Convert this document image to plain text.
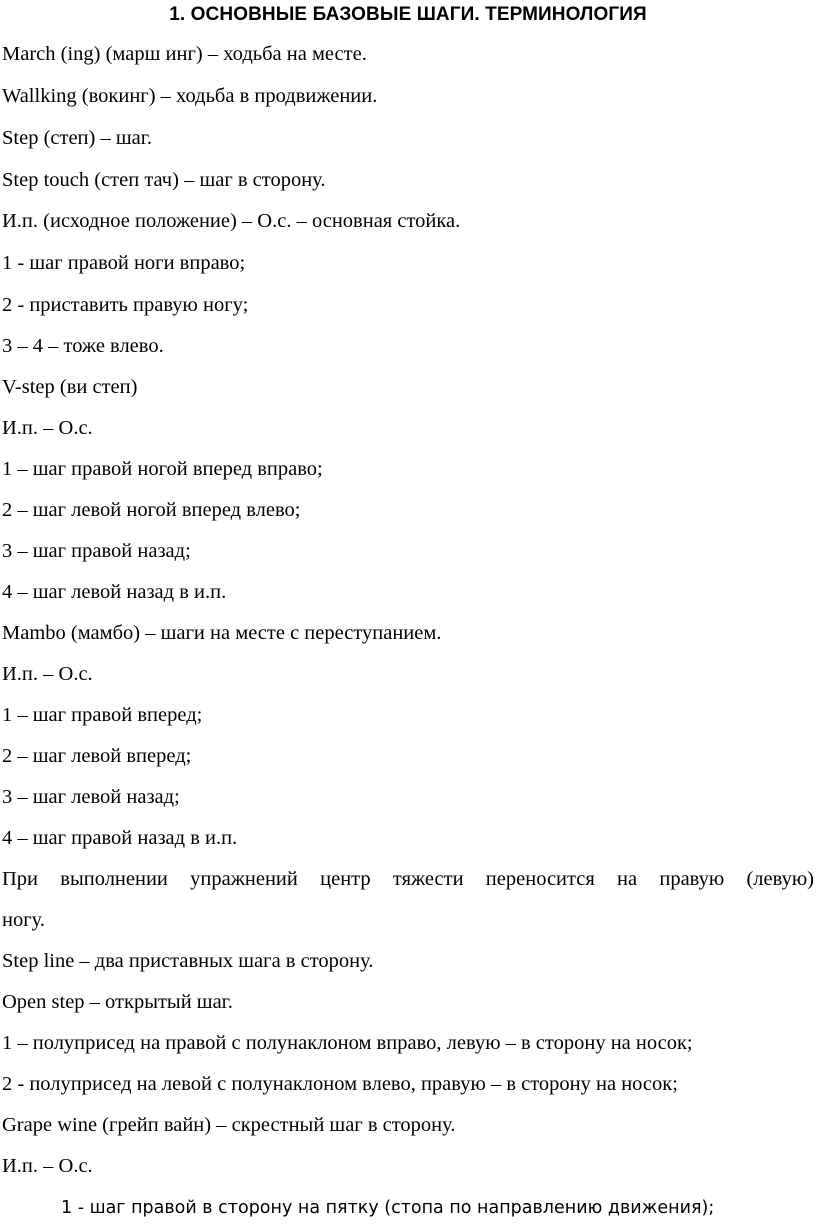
1. ОСНОВНЫЕ БАЗОВЫЕ ШАГИ. ТЕРМИНОЛОГИЯ
March (ing) (марш инг) – ходьба на месте.
Wallking (вокинг) – ходьба в продвижении.
Step (степ) – шаг.
Step touch (степ тач) – шаг в сторону.
И.п. (исходное положение) – О.с. – основная стойка.
1 - шаг правой ноги вправо;
2 - приставить правую ногу;
3 – 4 – тоже влево.
V-step (ви степ)
И.п. – О.с.
1 – шаг правой ногой вперед вправо;
2 – шаг левой ногой вперед влево;
3 – шаг правой назад;
4 – шаг левой назад в и.п.
Mambo (мамбо) – шаги на месте с переступанием.
И.п. – О.с.
1 – шаг правой вперед;
2 – шаг левой вперед;
3 – шаг левой назад;
4 – шаг правой назад в и.п.
При выполнении упражнений центр тяжести переносится на правую (левую)
ногу.
Step line – два приставных шага в сторону.
Open step – открытый шаг.
1 – полуприсед на правой с полунаклоном вправо, левую – в сторону на носок;
2 - полуприсед на левой с полунаклоном влево, правую – в сторону на носок;
Grape wine (грейп вайн) – скрестный шаг в сторону.
И.п. – О.с.
1 - шаг правой в сторону на пятку (стопа по направлению движения);
